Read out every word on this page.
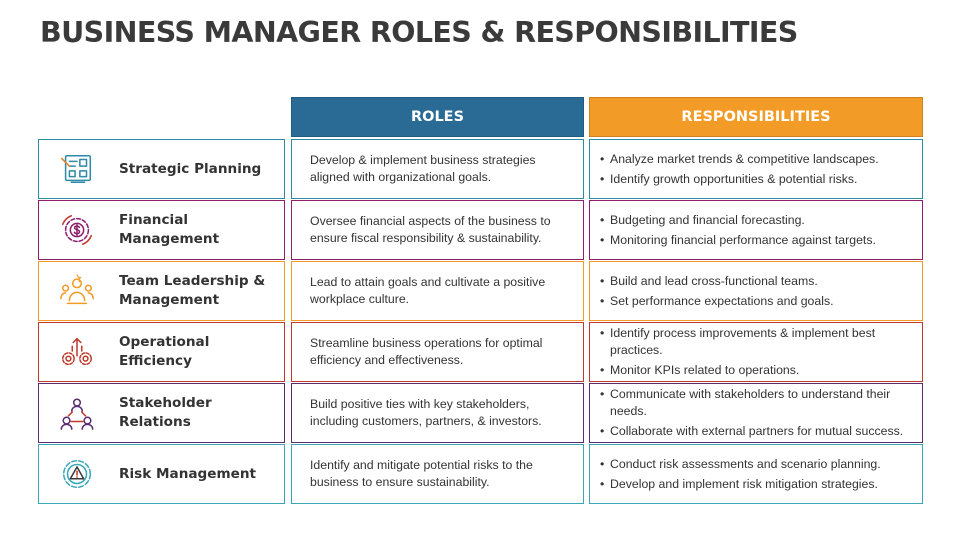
BUSINESS MANAGER ROLES & RESPONSIBILITIES
ROLES	RESPONSIBILITIES
Strategic Planning
Develop & implement business strategies aligned with organizational goals.
• Analyze market trends & competitive landscapes.
• Identify growth opportunities & potential risks.
Financial
Management
Oversee financial aspects of the business to ensure fiscal responsibility & sustainability.
• Budgeting and financial forecasting.
• Monitoring financial performance against targets.
Team Leadership &
Management
Lead to attain goals and cultivate a positive workplace culture.
• Build and lead cross-functional teams.
• Set performance expectations and goals.
Operational Efficiency
Streamline business operations for optimal efficiency and effectiveness.
• Identify process improvements & implement best practices.
• Monitor KPIs related to operations.
Stakeholder Relations
Build positive ties with key stakeholders, including customers, partners, & investors.
• Communicate with stakeholders to understand their needs.
• Collaborate with external partners for mutual success.
Risk Management
Identify and mitigate potential risks to the business to ensure sustainability.
• Conduct risk assessments and scenario planning.
• Develop and implement risk mitigation strategies.
